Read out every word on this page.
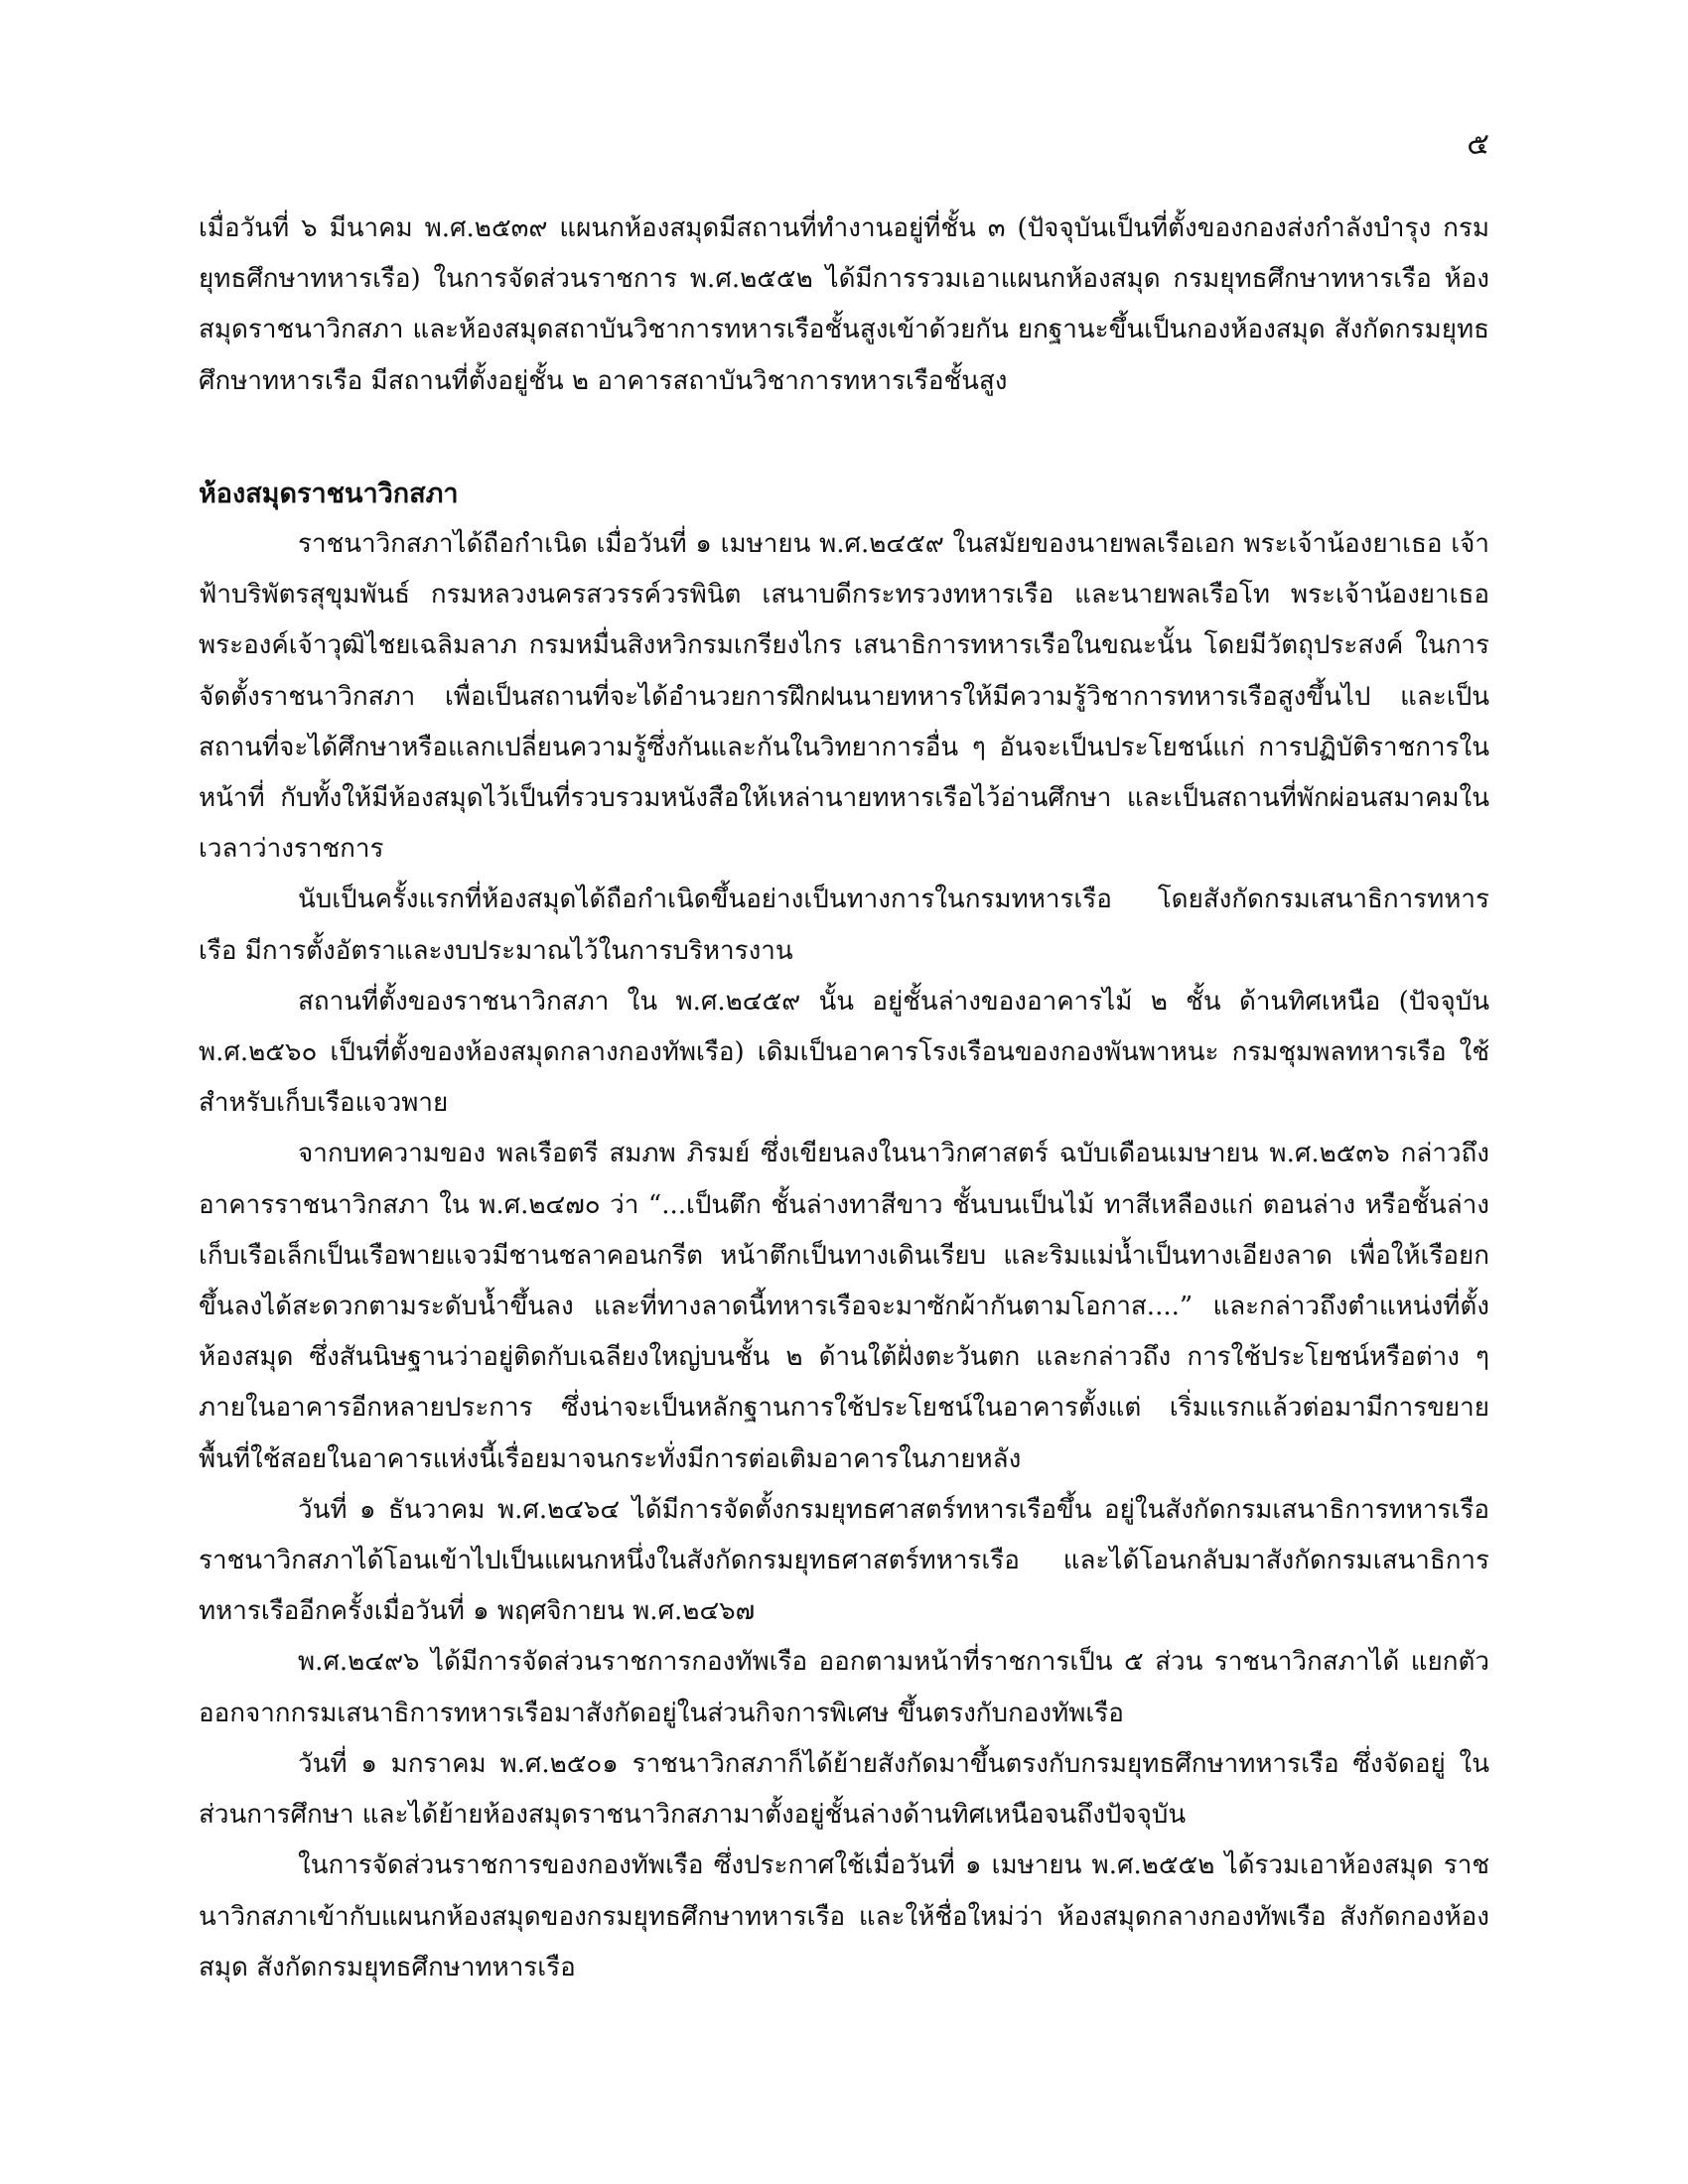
๕

เมื่อวันที่ ๖ มีนาคม พ.ศ.๒๕๓๙ แผนกห้องสมุดมีสถานที่ทำงานอยู่ที่ชั้น ๓ (ปัจจุบันเป็นที่ตั้งของกองส่งกำลังบำรุง กรมยุทธศึกษาทหารเรือ) ในการจัดส่วนราชการ พ.ศ.๒๕๕๒ ได้มีการรวมเอาแผนกห้องสมุด กรมยุทธศึกษาทหารเรือ ห้องสมุดราชนาวิกสภา และห้องสมุดสถาบันวิชาการทหารเรือชั้นสูงเข้าด้วยกัน ยกฐานะขึ้นเป็นกองห้องสมุด สังกัดกรมยุทธศึกษาทหารเรือ มีสถานที่ตั้งอยู่ชั้น ๒ อาคารสถาบันวิชาการทหารเรือชั้นสูง

ห้องสมุดราชนาวิกสภา

ราชนาวิกสภาได้ถือกำเนิด เมื่อวันที่ ๑ เมษายน พ.ศ.๒๔๕๙ ในสมัยของนายพลเรือเอก พระเจ้าน้องยาเธอ เจ้าฟ้าบริพัตรสุขุมพันธ์ กรมหลวงนครสวรรค์วรพินิต เสนาบดีกระทรวงทหารเรือ และนายพลเรือโท พระเจ้าน้องยาเธอ พระองค์เจ้าวุฒิไชยเฉลิมลาภ กรมหมื่นสิงหวิกรมเกรียงไกร เสนาธิการทหารเรือในขณะนั้น โดยมีวัตถุประสงค์ ในการจัดตั้งราชนาวิกสภา เพื่อเป็นสถานที่จะได้อำนวยการฝึกฝนนายทหารให้มีความรู้วิชาการทหารเรือสูงขึ้นไป และเป็นสถานที่จะได้ศึกษาหรือแลกเปลี่ยนความรู้ซึ่งกันและกันในวิทยาการอื่น ๆ อันจะเป็นประโยชน์แก่ การปฏิบัติราชการในหน้าที่ กับทั้งให้มีห้องสมุดไว้เป็นที่รวบรวมหนังสือให้เหล่านายทหารเรือไว้อ่านศึกษา และเป็นสถานที่พักผ่อนสมาคมในเวลาว่างราชการ

นับเป็นครั้งแรกที่ห้องสมุดได้ถือกำเนิดขึ้นอย่างเป็นทางการในกรมทหารเรือ โดยสังกัดกรมเสนาธิการทหารเรือ มีการตั้งอัตราและงบประมาณไว้ในการบริหารงาน

สถานที่ตั้งของราชนาวิกสภา ใน พ.ศ.๒๔๕๙ นั้น อยู่ชั้นล่างของอาคารไม้ ๒ ชั้น ด้านทิศเหนือ (ปัจจุบัน พ.ศ.๒๕๖๐ เป็นที่ตั้งของห้องสมุดกลางกองทัพเรือ) เดิมเป็นอาคารโรงเรือนของกองพันพาหนะ กรมชุมพลทหารเรือ ใช้สำหรับเก็บเรือแจวพาย

จากบทความของ พลเรือตรี สมภพ ภิรมย์ ซึ่งเขียนลงในนาวิกศาสตร์ ฉบับเดือนเมษายน พ.ศ.๒๕๓๖ กล่าวถึงอาคารราชนาวิกสภา ใน พ.ศ.๒๔๗๐ ว่า “...เป็นตึก ชั้นล่างทาสีขาว ชั้นบนเป็นไม้ ทาสีเหลืองแก่ ตอนล่าง หรือชั้นล่างเก็บเรือเล็กเป็นเรือพายแจวมีชานชลาคอนกรีต หน้าตึกเป็นทางเดินเรียบ และริมแม่น้ำเป็นทางเอียงลาด เพื่อให้เรือยกขึ้นลงได้สะดวกตามระดับน้ำขึ้นลง และที่ทางลาดนี้ทหารเรือจะมาซักผ้ากันตามโอกาส....” และกล่าวถึงตำแหน่งที่ตั้งห้องสมุด ซึ่งสันนิษฐานว่าอยู่ติดกับเฉลียงใหญ่บนชั้น ๒ ด้านใต้ฝั่งตะวันตก และกล่าวถึง การใช้ประโยชน์หรือต่าง ๆ ภายในอาคารอีกหลายประการ ซึ่งน่าจะเป็นหลักฐานการใช้ประโยชน์ในอาคารตั้งแต่ เริ่มแรกแล้วต่อมามีการขยายพื้นที่ใช้สอยในอาคารแห่งนี้เรื่อยมาจนกระทั่งมีการต่อเติมอาคารในภายหลัง

วันที่ ๑ ธันวาคม พ.ศ.๒๔๖๔ ได้มีการจัดตั้งกรมยุทธศาสตร์ทหารเรือขึ้น อยู่ในสังกัดกรมเสนาธิการทหารเรือ ราชนาวิกสภาได้โอนเข้าไปเป็นแผนกหนึ่งในสังกัดกรมยุทธศาสตร์ทหารเรือ และได้โอนกลับมาสังกัดกรมเสนาธิการ ทหารเรืออีกครั้งเมื่อวันที่ ๑ พฤศจิกายน พ.ศ.๒๔๖๗

พ.ศ.๒๔๙๖ ได้มีการจัดส่วนราชการกองทัพเรือ ออกตามหน้าที่ราชการเป็น ๕ ส่วน ราชนาวิกสภาได้ แยกตัวออกจากกรมเสนาธิการทหารเรือมาสังกัดอยู่ในส่วนกิจการพิเศษ ขึ้นตรงกับกองทัพเรือ

วันที่ ๑ มกราคม พ.ศ.๒๕๐๑ ราชนาวิกสภาก็ได้ย้ายสังกัดมาขึ้นตรงกับกรมยุทธศึกษาทหารเรือ ซึ่งจัดอยู่ ในส่วนการศึกษา และได้ย้ายห้องสมุดราชนาวิกสภามาตั้งอยู่ชั้นล่างด้านทิศเหนือจนถึงปัจจุบัน

ในการจัดส่วนราชการของกองทัพเรือ ซึ่งประกาศใช้เมื่อวันที่ ๑ เมษายน พ.ศ.๒๕๕๒ ได้รวมเอาห้องสมุด ราชนาวิกสภาเข้ากับแผนกห้องสมุดของกรมยุทธศึกษาทหารเรือ และให้ชื่อใหม่ว่า ห้องสมุดกลางกองทัพเรือ สังกัดกองห้องสมุด สังกัดกรมยุทธศึกษาทหารเรือ
